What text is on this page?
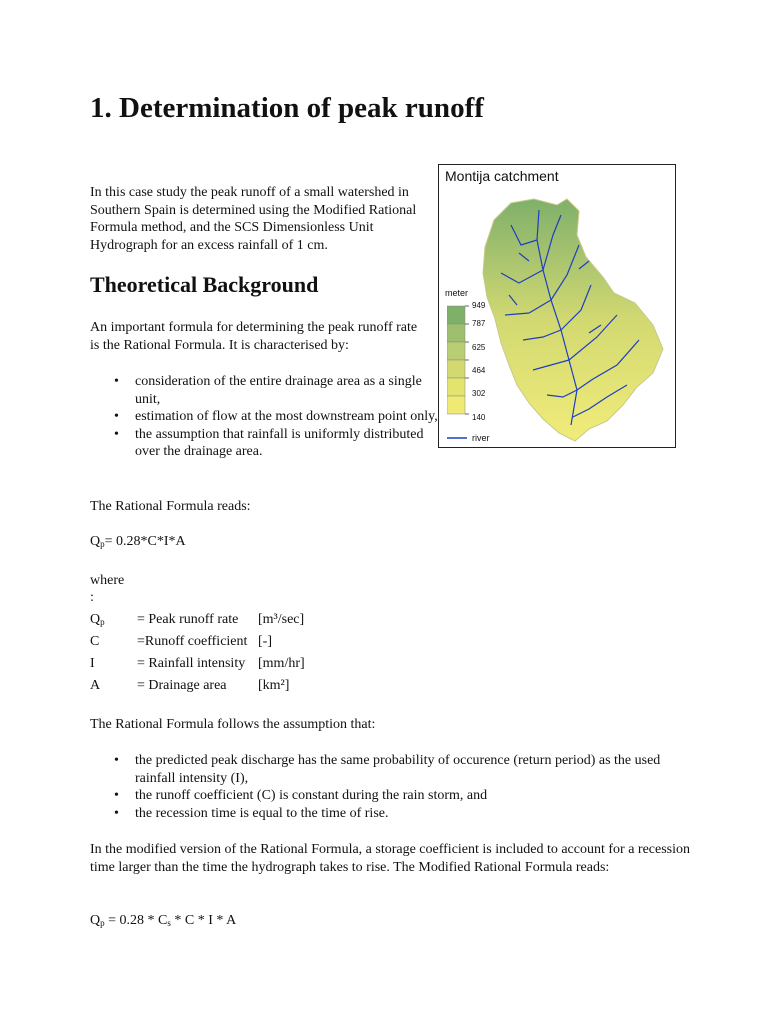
1. Determination of peak runoff

In this case study the peak runoff of a small watershed in Southern Spain is determined using the Modified Rational Formula method, and the SCS Dimensionless Unit Hydrograph for an excess rainfall of 1 cm.

Theoretical Background

An important formula for determining the peak runoff rate is the Rational Formula. It is characterised by:

• consideration of the entire drainage area as a single unit,
• estimation of flow at the most downstream point only,
• the assumption that rainfall is uniformly distributed over the drainage area.

The Rational Formula reads:

$Q_p= 0.28*C*I*A$

where

:

$Q_p$ = Peak runoff rate [m³/sec]
C	=Runoff coefficient [-]
I	= Rainfall intensity [mm/hr]
A	= Drainage area [km²]

The Rational Formula follows the assumption that:

• the predicted peak discharge has the same probability of occurence (return period) as the used rainfall intensity (I),
• the runoff coefficient (C) is constant during the rain storm, and
• the recession time is equal to the time of rise.

In the modified version of the Rational Formula, a storage coefficient is included to account for a recession time larger than the time the hydrograph takes to rise. The Modified Rational Formula reads:

$Q_p = 0.28 * C_s * C * I * A$
Montija catchment
meter
949
787
625
464
302
140
river
